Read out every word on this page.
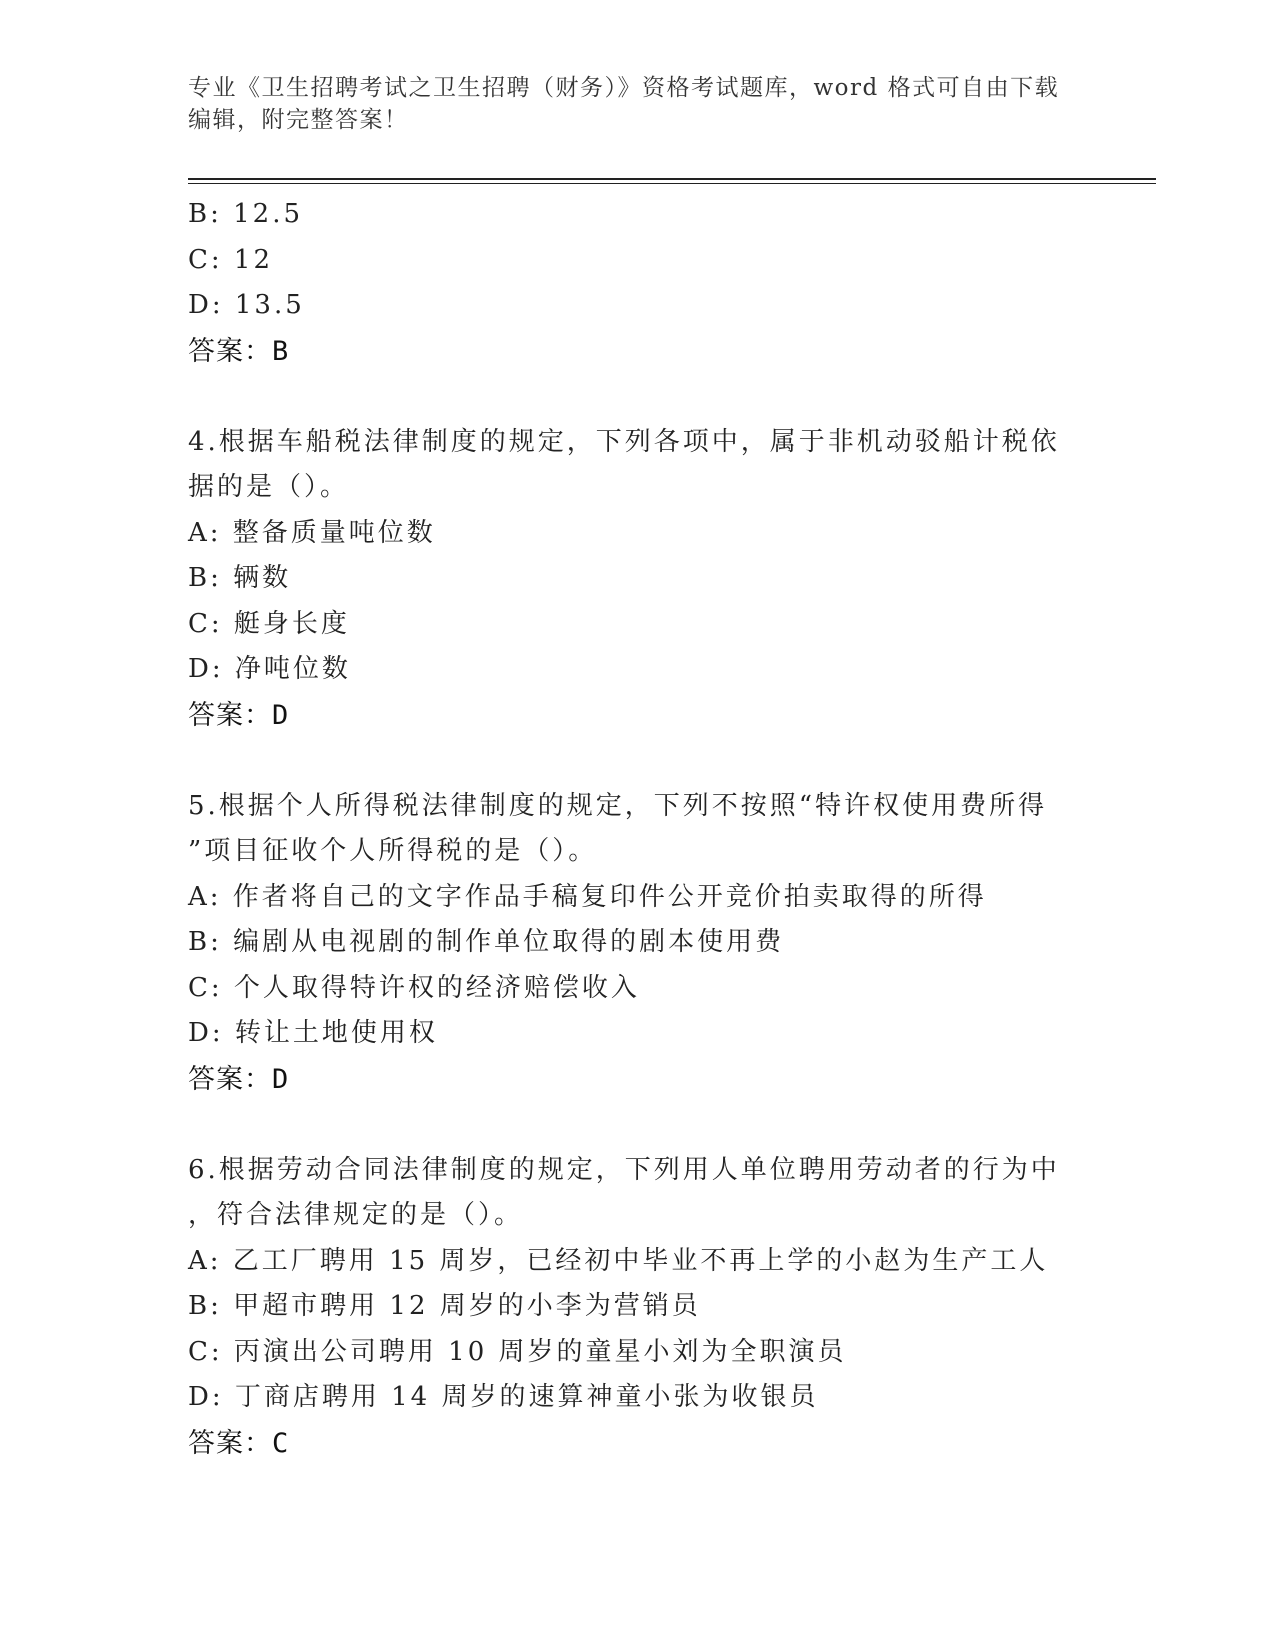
专业《卫生招聘考试之卫生招聘（财务）》资格考试题库，word 格式可自由下载
编辑，附完整答案！
B: 12.5
C: 12
D: 13.5
答案：B
4.根据车船税法律制度的规定，下列各项中，属于非机动驳船计税依
据的是（）。
A: 整备质量吨位数
B: 辆数
C: 艇身长度
D: 净吨位数
答案：D
5.根据个人所得税法律制度的规定，下列不按照“特许权使用费所得
”项目征收个人所得税的是（）。
A: 作者将自己的文字作品手稿复印件公开竞价拍卖取得的所得
B: 编剧从电视剧的制作单位取得的剧本使用费
C: 个人取得特许权的经济赔偿收入
D: 转让土地使用权
答案：D
6.根据劳动合同法律制度的规定，下列用人单位聘用劳动者的行为中
，符合法律规定的是（）。
A: 乙工厂聘用 15 周岁，已经初中毕业不再上学的小赵为生产工人
B: 甲超市聘用 12 周岁的小李为营销员
C: 丙演出公司聘用 10 周岁的童星小刘为全职演员
D: 丁商店聘用 14 周岁的速算神童小张为收银员
答案：C
